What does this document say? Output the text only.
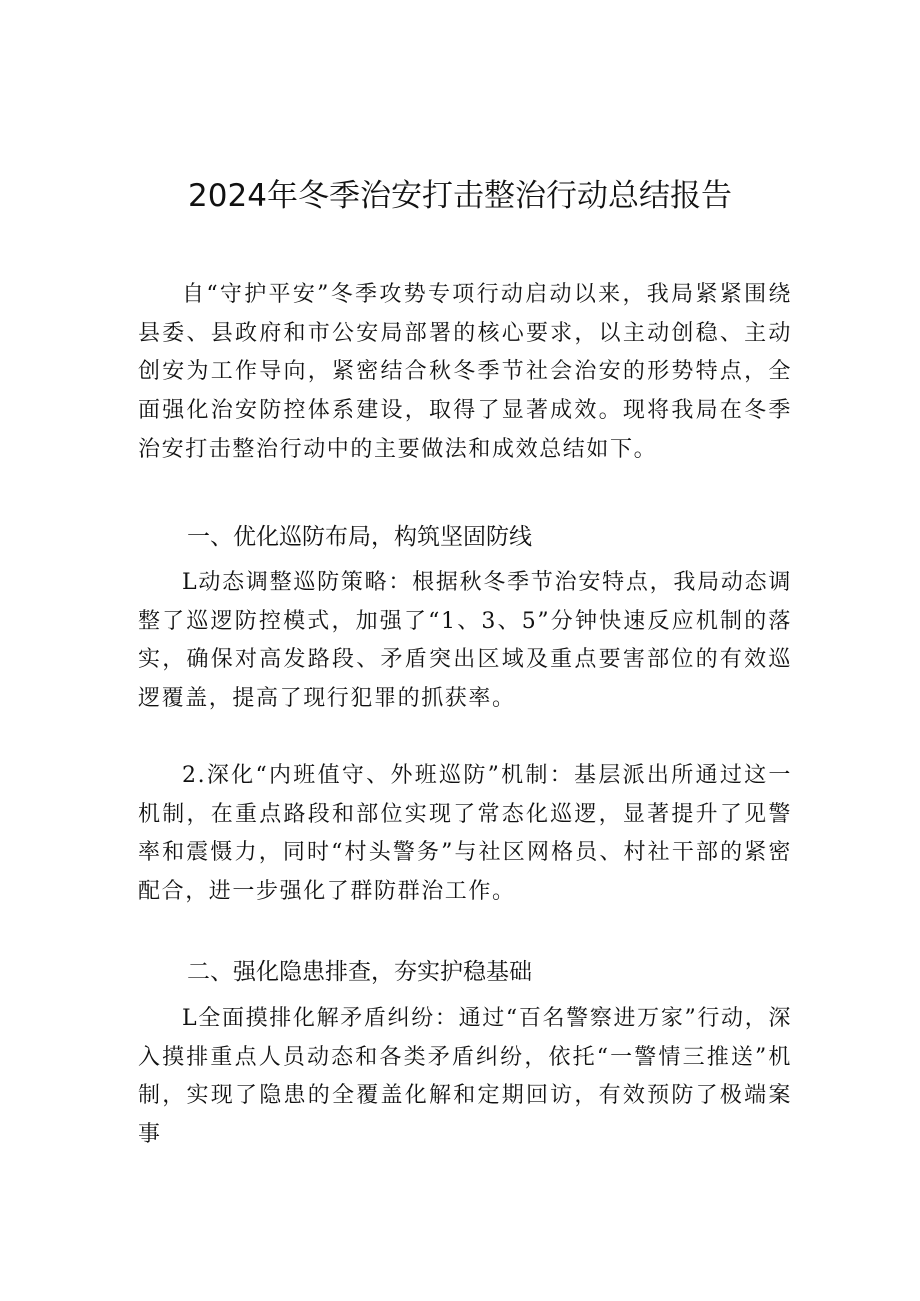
2024年冬季治安打击整治行动总结报告
自“守护平安”冬季攻势专项行动启动以来，我局紧紧围绕县委、县政府和市公安局部署的核心要求，以主动创稳、主动创安为工作导向，紧密结合秋冬季节社会治安的形势特点，全面强化治安防控体系建设，取得了显著成效。现将我局在冬季治安打击整治行动中的主要做法和成效总结如下。
一、优化巡防布局，构筑坚固防线
L动态调整巡防策略：根据秋冬季节治安特点，我局动态调整了巡逻防控模式，加强了“1、3、5”分钟快速反应机制的落实，确保对高发路段、矛盾突出区域及重点要害部位的有效巡逻覆盖，提高了现行犯罪的抓获率。
2.深化“内班值守、外班巡防”机制：基层派出所通过这一机制，在重点路段和部位实现了常态化巡逻，显著提升了见警率和震慑力，同时“村头警务”与社区网格员、村社干部的紧密配合，进一步强化了群防群治工作。
二、强化隐患排查，夯实护稳基础
L全面摸排化解矛盾纠纷：通过“百名警察进万家”行动，深入摸排重点人员动态和各类矛盾纠纷，依托“一警情三推送”机制，实现了隐患的全覆盖化解和定期回访，有效预防了极端案事
